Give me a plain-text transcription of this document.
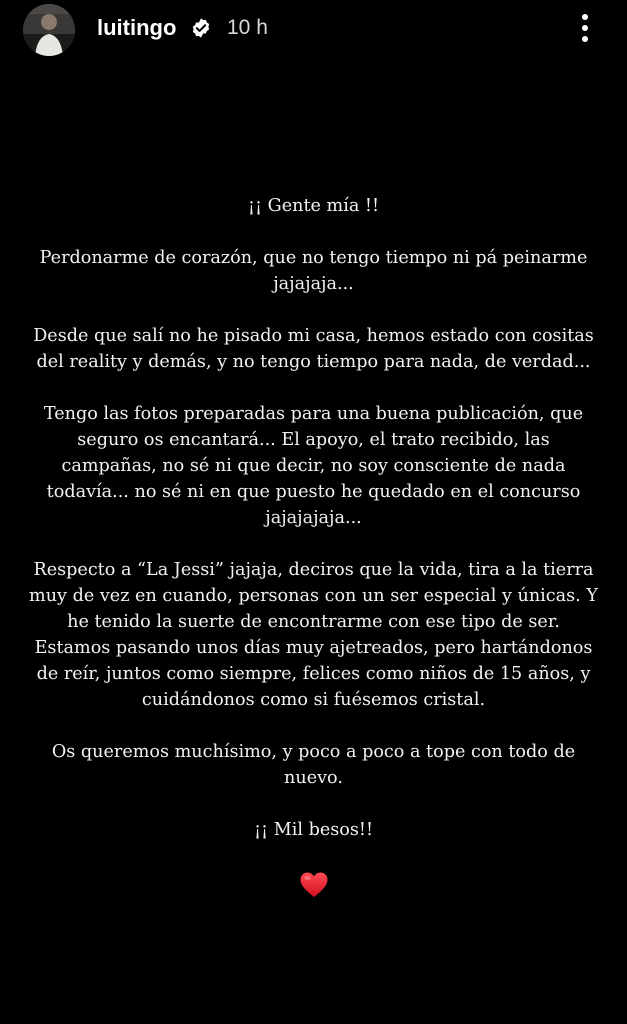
luitingo 10 h

¡¡ Gente mía !!

Perdonarme de corazón, que no tengo tiempo ni pá peinarme jajajaja...

Desde que salí no he pisado mi casa, hemos estado con cositas del reality y demás, y no tengo tiempo para nada, de verdad...

Tengo las fotos preparadas para una buena publicación, que seguro os encantará... El apoyo, el trato recibido, las campañas, no sé ni que decir, no soy consciente de nada todavía... no sé ni en que puesto he quedado en el concurso jajajajaja...

Respecto a “La Jessi” jajaja, deciros que la vida, tira a la tierra muy de vez en cuando, personas con un ser especial y únicas. Y he tenido la suerte de encontrarme con ese tipo de ser. Estamos pasando unos días muy ajetreados, pero hartándonos de reír, juntos como siempre, felices como niños de 15 años, y cuidándonos como si fuésemos cristal.

Os queremos muchísimo, y poco a poco a tope con todo de nuevo.

¡¡ Mil besos!!
